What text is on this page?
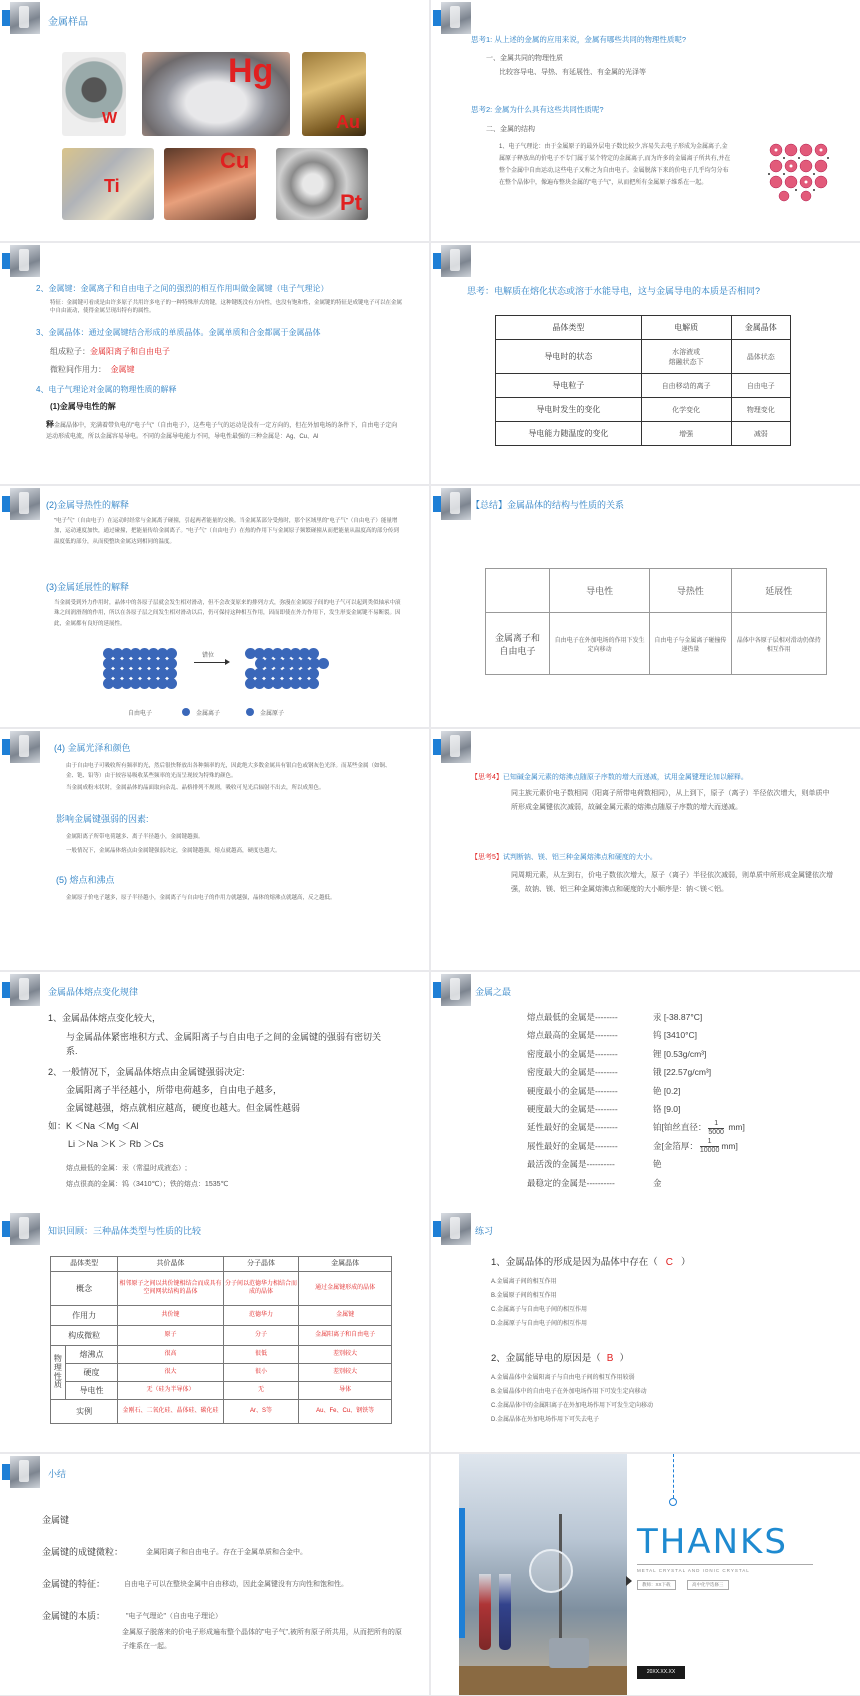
金属样品
W
Hg
Au
Ti
Cu
Pt
思考1: 从上述的金属的应用来说，金属有哪些共同的物理性质呢?
一、金属共同的物理性质
比较容导电、导热、有延展性、有金属的光泽等
思考2: 金属为什么具有这些共同性质呢?
二、金属的结构
1、电子气理论：由于金属原子的最外层电子数比较少,容易失去电子形成为金属离子,金属原子释放出的价电子不专门属于某个特定的金属离子,而为许多的金属离子所共有,并在整个金属中自由运动,这些电子又称之为自由电子。金属脱落下来的价电子几乎均匀分布在整个晶体中，像遍布整块金属的"电子气"，从而把所有金属原子维系在一起。
2、金属键：金属离子和自由电子之间的强烈的相互作用叫做金属键（电子气理论）
特征：金属键可看成是由许多原子共用许多电子的一种特殊形式的键，这种键既没有方向性，也没有饱和性，金属键的特征是成键电子可以在金属中自由流动，使得金属呈现出特有的属性。
3、金属晶体：通过金属键结合形成的单质晶体。金属单质和合金都属于金属晶体
组成粒子：金属阳离子和自由电子
微粒间作用力： 金属键
4、电子气理论对金属的物理性质的解释
(1)金属导电性的解
释金属晶体中，充满着带负电的"电子气"（自由电子），这些电子气的运动是没有一定方向的，但在外加电场的条件下，自由电子定向运动形成电流，所以金属容易导电。不同的金属导电能力不同，导电性最强的三种金属是：Ag、Cu、Al
思考：电解质在熔化状态或溶于水能导电，这与金属导电的本质是否相同?
晶体类型	电解质	金属晶体
导电时的状态	水溶液或
熔融状态下	晶体状态
导电粒子	自由移动的离子	自由电子
导电时发生的变化	化学变化	物理变化
导电能力随温度的变化	增强	减弱
(2)金属导热性的解释
"电子气"（自由电子）在运动时经常与金属离子碰撞，引起两者能量的交换。当金属某部分受热时，那个区域里的"电子气"（自由电子）能量增加，运动速度加快，通过碰撞，把能量传给金属离子。"电子气"（自由电子）在热的作用下与金属原子频繁碰撞从而把能量从温度高的部分传到温度低的部分，从而使整块金属达到相同的温度。
(3)金属延展性的解释
当金属受到外力作用时，晶体中的各原子层就会发生相对滑动，但不会改变原来的排列方式，弥漫在金属原子间的电子气可以起到类似轴承中滚珠之间润滑剂的作用，所以在各原子层之间发生相对滑动以后，仍可保持这种相互作用，因而即使在外力作用下，发生形变金属键不易断裂。因此，金属都有良好的延展性。
错位
自由电子	金属离子	金属原子
【总结】金属晶体的结构与性质的关系
	导电性	导热性	延展性
金属离子和
自由电子	自由电子在外加电场的作用下发生定向移动	自由电子与金属离子碰撞传递热量	晶体中各原子层相对滑动仍保持相互作用
(4) 金属光泽和颜色
由于自由电子可吸收所有频率的光，然后很快释放出各种频率的光，因此绝大多数金属具有银白色或钢灰色光泽。而某些金属（如铜、金、铯、铅等）由于较容易吸收某些频率的光而呈现较为特殊的颜色。
当金属成粉末状时，金属晶体的晶面取向杂乱、晶格排列不规则，吸收可见光后辐射不出去，所以成黑色。
影响金属键强弱的因素:
金属阳离子所带电荷越多、离子半径越小，金属键越强。
一般情况下，金属晶体熔点由金属键强弱决定，金属键越强，熔点就越高，硬度也越大。
(5) 熔点和沸点
金属原子价电子越多，原子半径越小，金属离子与自由电子的作用力就越强，晶体的熔沸点就越高，反之越低。
【思考4】已知碱金属元素的熔沸点随原子序数的增大而递减，试用金属键理论加以解释。
同主族元素价电子数相同（阳离子所带电荷数相同），从上到下，原子（离子）半径依次增大，则单质中所形成金属键依次减弱，故碱金属元素的熔沸点随原子序数的增大而递减。
【思考5】试判断钠、镁、铝三种金属熔沸点和硬度的大小。
同周期元素，从左到右，价电子数依次增大，原子（离子）半径依次减弱，则单质中所形成金属键依次增强，故钠、镁、铝三种金属熔沸点和硬度的大小顺序是：钠＜镁＜铝。
金属晶体熔点变化规律
1、金属晶体熔点变化较大，
与金属晶体紧密堆积方式、金属阳离子与自由电子之间的金属键的强弱有密切关系.
2、一般情况下，金属晶体熔点由金属键强弱决定:
金属阳离子半径越小，所带电荷越多，自由电子越多，
金属键越强，熔点就相应越高，硬度也越大。但金属性越弱
如：K ＜Na ＜Mg ＜Al
Li ＞Na ＞K ＞ Rb ＞Cs
熔点最低的金属：汞（常温时成液态）;
熔点很高的金属：钨（3410℃）；铁的熔点：1535℃
金属之最
熔点最低的金属是--------	汞 [-38.87°C]
熔点最高的金属是--------	钨 [3410°C]
密度最小的金属是--------	锂 [0.53g/cm³]
密度最大的金属是--------	锇 [22.57g/cm³]
硬度最小的金属是--------	铯 [0.2]
硬度最大的金属是--------	铬 [9.0]
延性最好的金属是--------	铂[铂丝直径： $\frac{1}{5000} mm$]
展性最好的金属是--------	金[金箔厚： $\frac{1}{10000} mm$]
最活泼的金属是----------	铯
最稳定的金属是----------	金
知识回顾：三种晶体类型与性质的比较
晶体类型		共价晶体	分子晶体	金属晶体
概念		相邻原子之间以共价键相结合而成具有空间网状结构的晶体	分子间以范德华力相结合而成的晶体	通过金属键形成的晶体
作用力		共价键	范德华力	金属键
构成微粒		原子	分子	金属阳离子和自由电子
物理性质	熔沸点	很高	很低	差别较大
	硬度	很大	很小	差别较大
	导电性	无（硅为半导体）	无	导体
实例		金刚石、二氧化硅、晶体硅、碳化硅	Ar、S等	Au、Fe、Cu、钢铁等
练习
1、金属晶体的形成是因为晶体中存在（ C ）
A.金属离子间的相互作用
B.金属原子间的相互作用
C.金属离子与自由电子间的相互作用
D.金属原子与自由电子间的相互作用
2、金属能导电的原因是（ B ）
A.金属晶体中金属阳离子与自由电子间的相互作用较弱
B.金属晶体中的自由电子在外加电场作用下可发生定向移动
C.金属晶体中的金属阳离子在外加电场作用下可发生定向移动
D.金属晶体在外加电场作用下可失去电子
小结
金属键
金属键的成键微粒：	金属阳离子和自由电子。存在于金属单质和合金中。
金属键的特征：	自由电子可以在整块金属中自由移动，因此金属键没有方向性和饱和性。
金属键的本质：	"电子气理论"（自由电子理论）
金属原子脱落来的价电子形成遍布整个晶体的"电子气",被所有原子所共用，从而把所有的原子维系在一起。
THANKS
METAL CRYSTAL AND IONIC CRYSTAL
教师：XX下载	高中化学选修三
20XX.XX.XX
